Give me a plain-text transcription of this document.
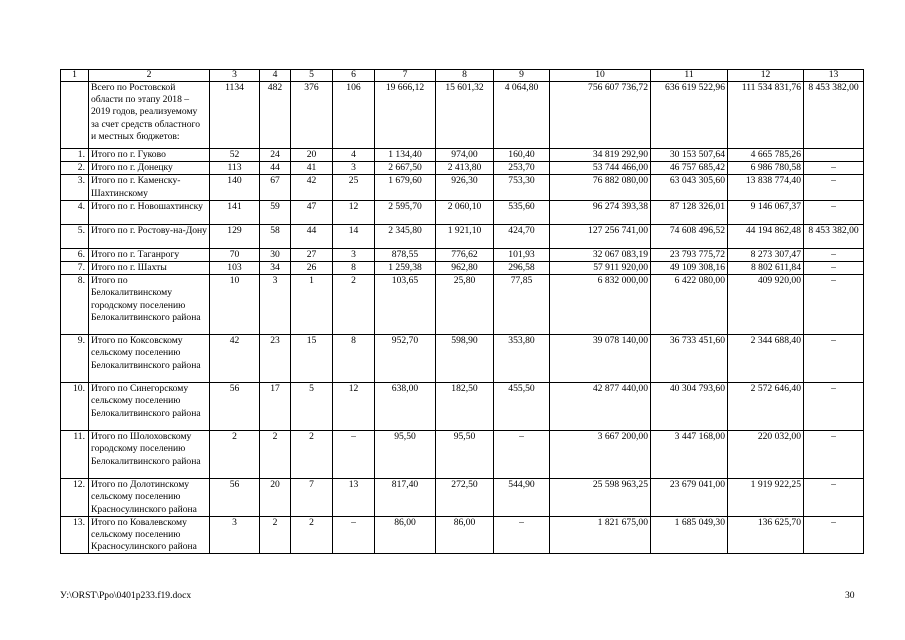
1	2	3	4	5	6	7	8	9	10	11	12	13
	Всего по Ростовской области по этапу 2018 – 2019 годов, реализуемому за счет средств областного и местных бюджетов:	1134	482	376	106	19 666,12	15 601,32	4 064,80	756 607 736,72	636 619 522,96	111 534 831,76	8 453 382,00
1.	Итого по г. Гуково	52	24	20	4	1 134,40	974,00	160,40	34 819 292,90	30 153 507,64	4 665 785,26	
2.	Итого по г. Донецку	113	44	41	3	2 667,50	2 413,80	253,70	53 744 466,00	46 757 685,42	6 986 780,58	–
3.	Итого по г. Каменску-Шахтинскому	140	67	42	25	1 679,60	926,30	753,30	76 882 080,00	63 043 305,60	13 838 774,40	–
4.	Итого по г. Новошахтинску	141	59	47	12	2 595,70	2 060,10	535,60	96 274 393,38	87 128 326,01	9 146 067,37	–
5.	Итого по г. Ростову-на-Дону	129	58	44	14	2 345,80	1 921,10	424,70	127 256 741,00	74 608 496,52	44 194 862,48	8 453 382,00
6.	Итого по г. Таганрогу	70	30	27	3	878,55	776,62	101,93	32 067 083,19	23 793 775,72	8 273 307,47	–
7.	Итого по г. Шахты	103	34	26	8	1 259,38	962,80	296,58	57 911 920,00	49 109 308,16	8 802 611,84	–
8.	Итого по Белокалитвинскому городскому поселению Белокалитвинского района	10	3	1	2	103,65	25,80	77,85	6 832 000,00	6 422 080,00	409 920,00	–
9.	Итого по Коксовскому сельскому поселению Белокалитвинского района	42	23	15	8	952,70	598,90	353,80	39 078 140,00	36 733 451,60	2 344 688,40	–
10.	Итого по Синегорскому сельскому поселению Белокалитвинского района	56	17	5	12	638,00	182,50	455,50	42 877 440,00	40 304 793,60	2 572 646,40	–
11.	Итого по Шолоховскому городскому поселению Белокалитвинского района	2	2	2	–	95,50	95,50	–	3 667 200,00	3 447 168,00	220 032,00	–
12.	Итого по Долотинскому сельскому поселению Красносулинского района	56	20	7	13	817,40	272,50	544,90	25 598 963,25	23 679 041,00	1 919 922,25	–
13.	Итого по Ковалевскому сельскому поселению Красносулинского района	3	2	2	–	86,00	86,00	–	1 821 675,00	1 685 049,30	136 625,70	–
У:\ORST\Ppo\0401p233.f19.docx	30
